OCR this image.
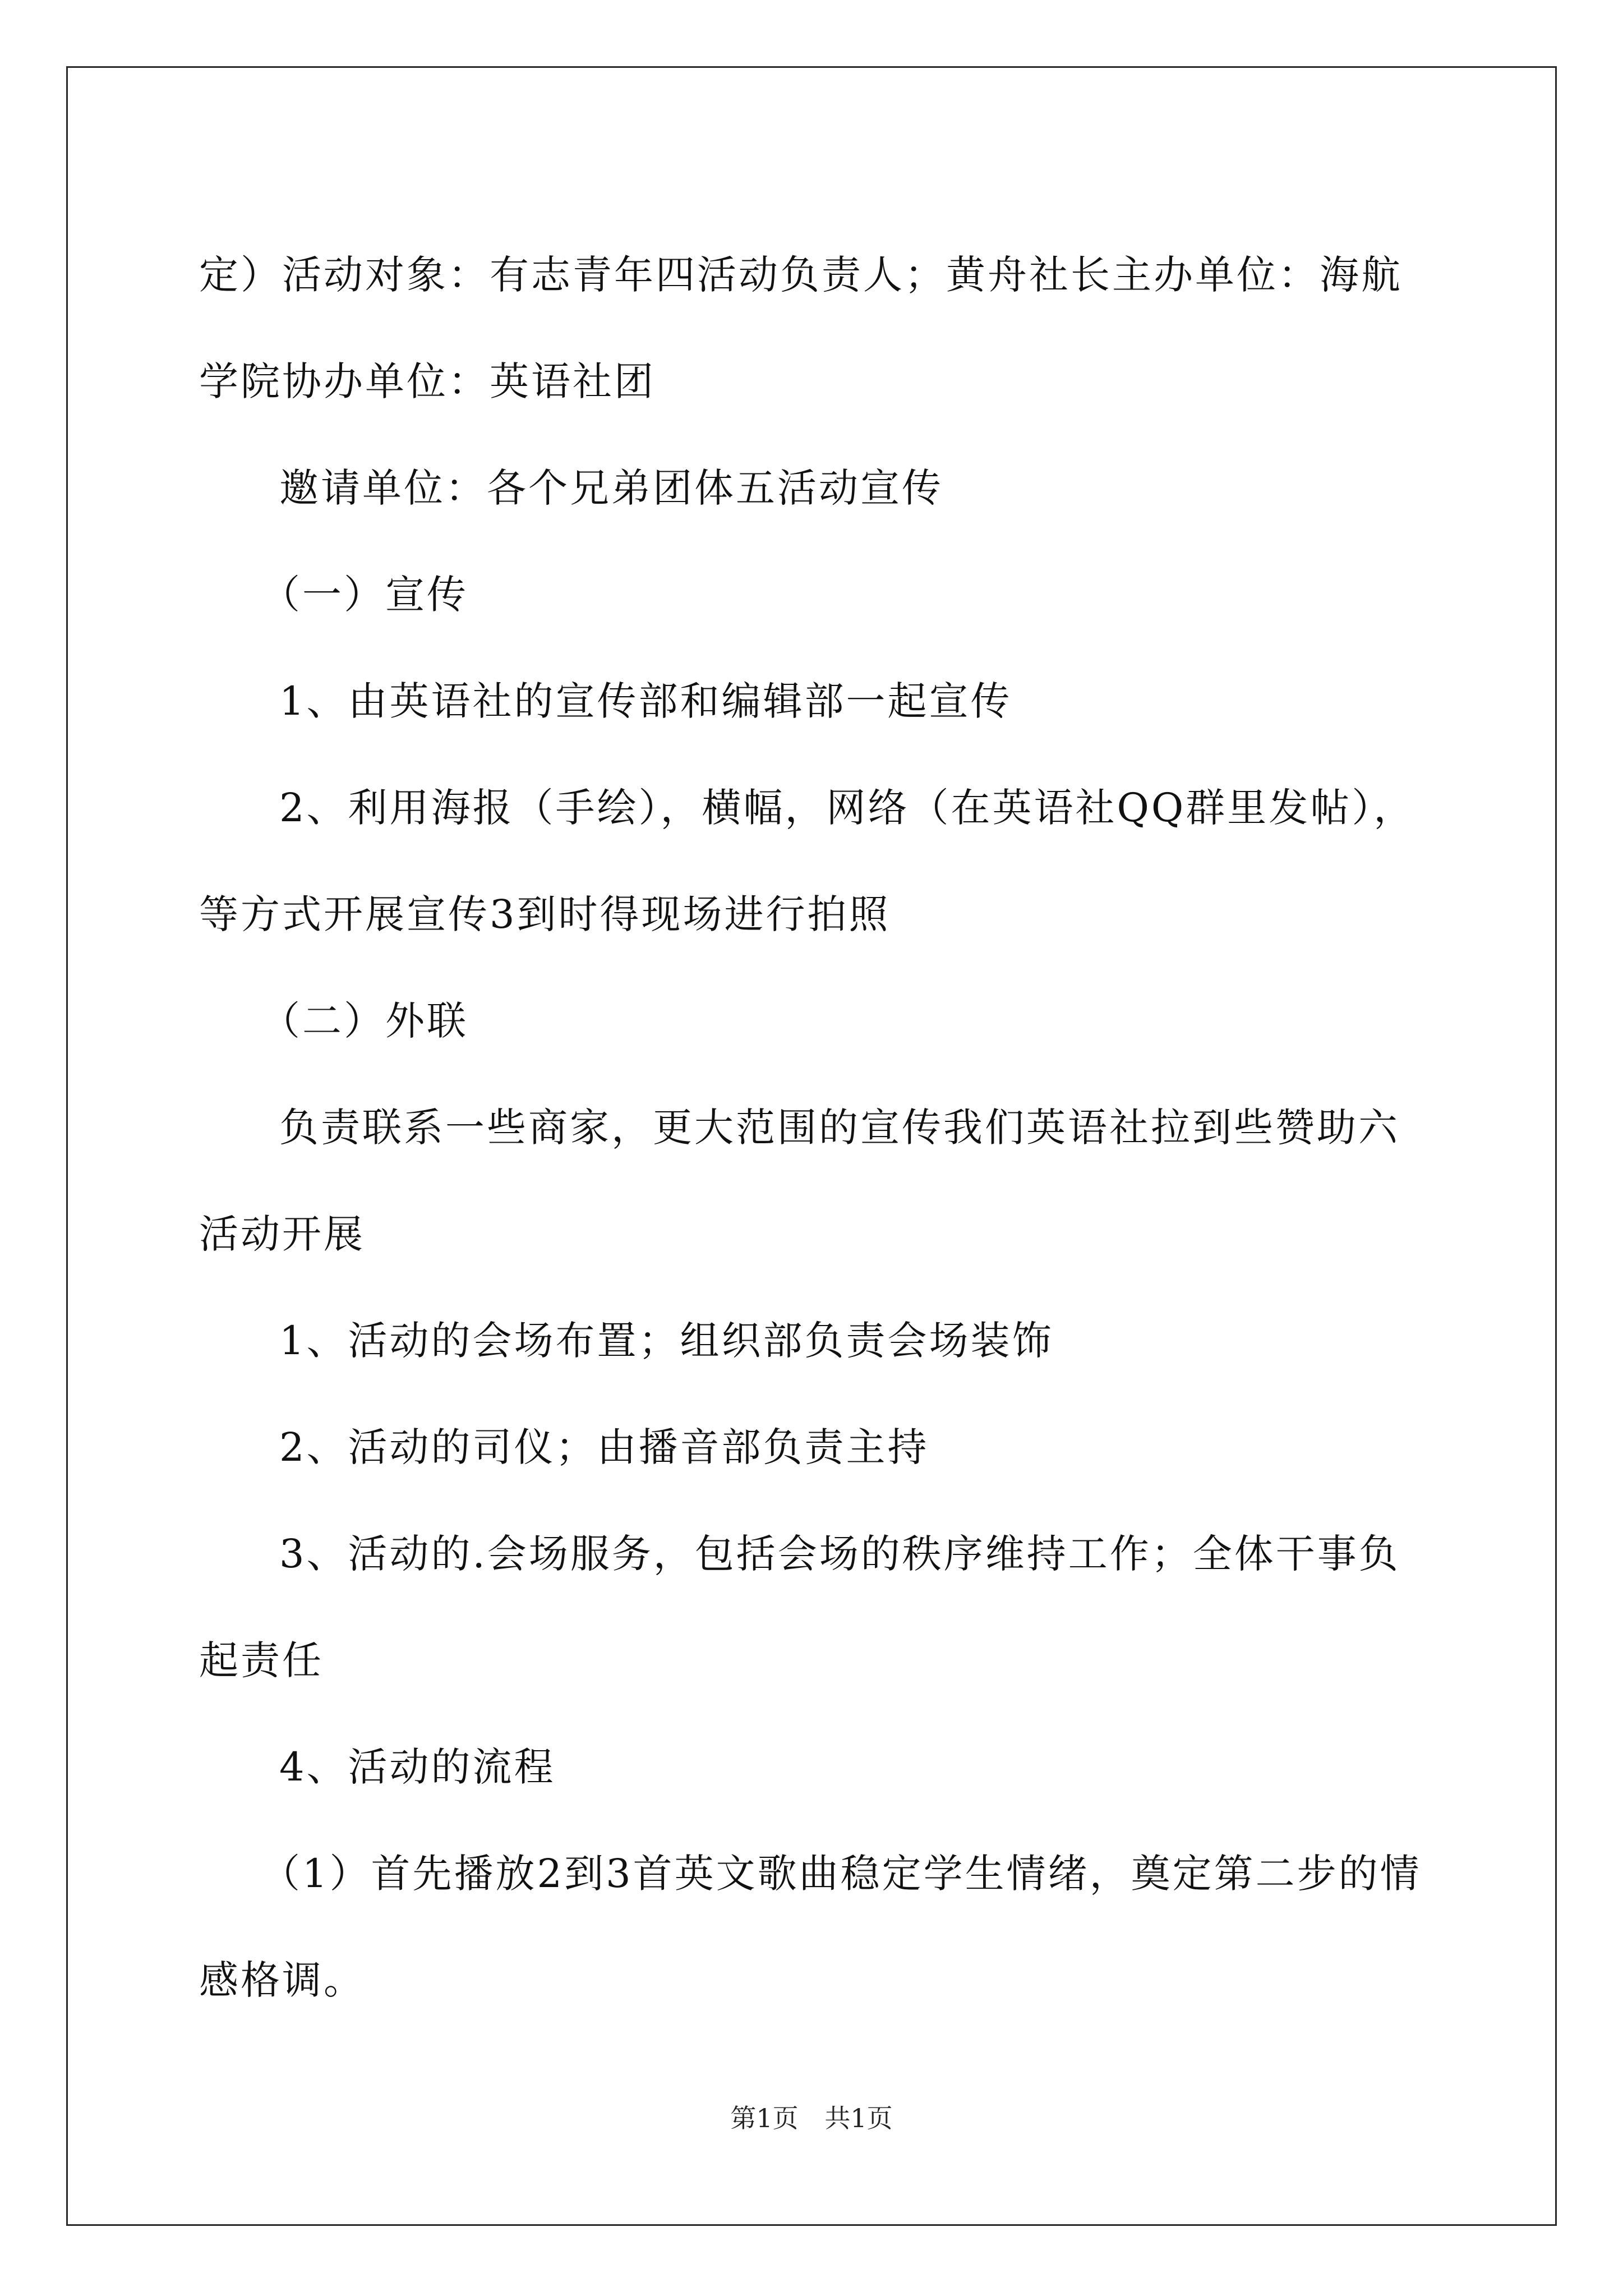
定）活动对象：有志青年四活动负责人；黄舟社长主办单位：海航学院协办单位：英语社团

邀请单位：各个兄弟团体五活动宣传

（一）宣传

1、由英语社的宣传部和编辑部一起宣传

2、利用海报（手绘），横幅，网络（在英语社QQ群里发帖），等方式开展宣传3到时得现场进行拍照

（二）外联

负责联系一些商家，更大范围的宣传我们英语社拉到些赞助六活动开展

1、活动的会场布置；组织部负责会场装饰

2、活动的司仪；由播音部负责主持

3、活动的.会场服务，包括会场的秩序维持工作；全体干事负起责任

4、活动的流程

（1）首先播放2到3首英文歌曲稳定学生情绪，奠定第二步的情感格调。

第1页 共1页
